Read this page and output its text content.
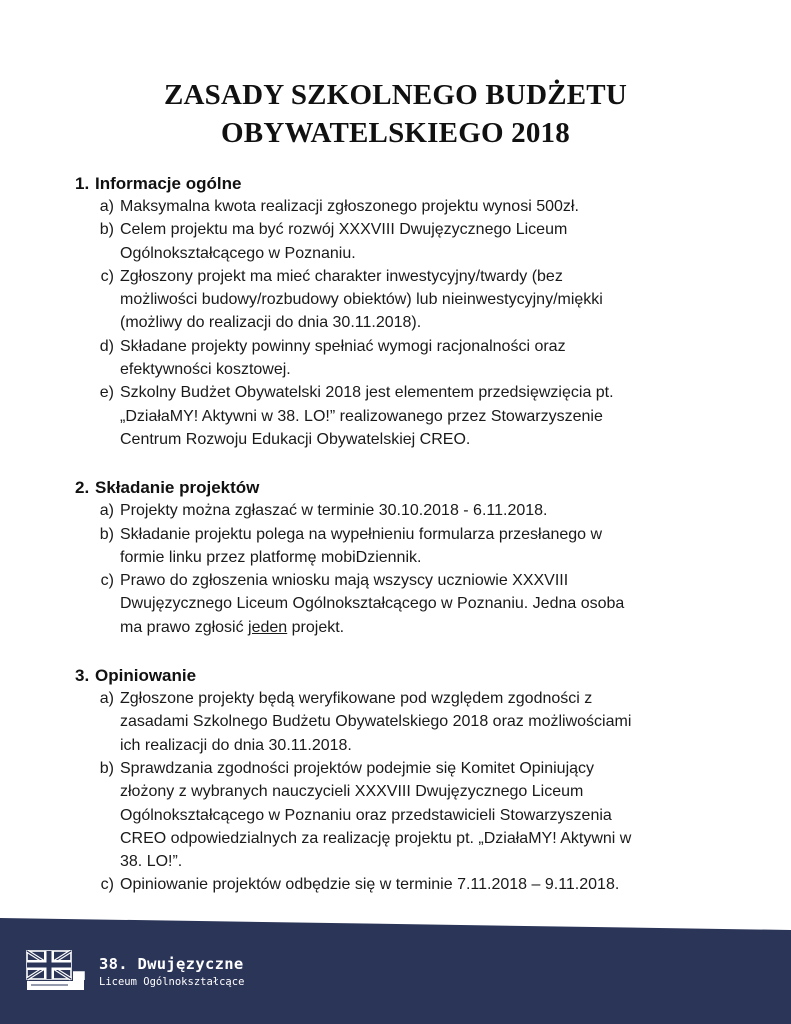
ZASADY SZKOLNEGO BUDŻETU
OBYWATELSKIEGO 2018
1. Informacje ogólne
a) Maksymalna kwota realizacji zgłoszonego projektu wynosi 500zł.
b) Celem projektu ma być rozwój XXXVIII Dwujęzycznego Liceum
Ogólnokształcącego w Poznaniu.
c) Zgłoszony projekt ma mieć charakter inwestycyjny/twardy (bez
możliwości budowy/rozbudowy obiektów) lub nieinwestycyjny/miękki
(możliwy do realizacji do dnia 30.11.2018).
d) Składane projekty powinny spełniać wymogi racjonalności oraz
efektywności kosztowej.
e) Szkolny Budżet Obywatelski 2018 jest elementem przedsięwzięcia pt.
„DziałaMY! Aktywni w 38. LO!” realizowanego przez Stowarzyszenie
Centrum Rozwoju Edukacji Obywatelskiej CREO.
2. Składanie projektów
a) Projekty można zgłaszać w terminie 30.10.2018 - 6.11.2018.
b) Składanie projektu polega na wypełnieniu formularza przesłanego w
formie linku przez platformę mobiDziennik.
c) Prawo do zgłoszenia wniosku mają wszyscy uczniowie XXXVIII
Dwujęzycznego Liceum Ogólnokształcącego w Poznaniu. Jedna osoba
ma prawo zgłosić jeden projekt.
3. Opiniowanie
a) Zgłoszone projekty będą weryfikowane pod względem zgodności z
zasadami Szkolnego Budżetu Obywatelskiego 2018 oraz możliwościami
ich realizacji do dnia 30.11.2018.
b) Sprawdzania zgodności projektów podejmie się Komitet Opiniujący
złożony z wybranych nauczycieli XXXVIII Dwujęzycznego Liceum
Ogólnokształcącego w Poznaniu oraz przedstawicieli Stowarzyszenia
CREO odpowiedzialnych za realizację projektu pt. „DziałaMY! Aktywni w
38. LO!”.
c) Opiniowanie projektów odbędzie się w terminie 7.11.2018 – 9.11.2018.
38. Dwujęzyczne
Liceum Ogólnokształcące
